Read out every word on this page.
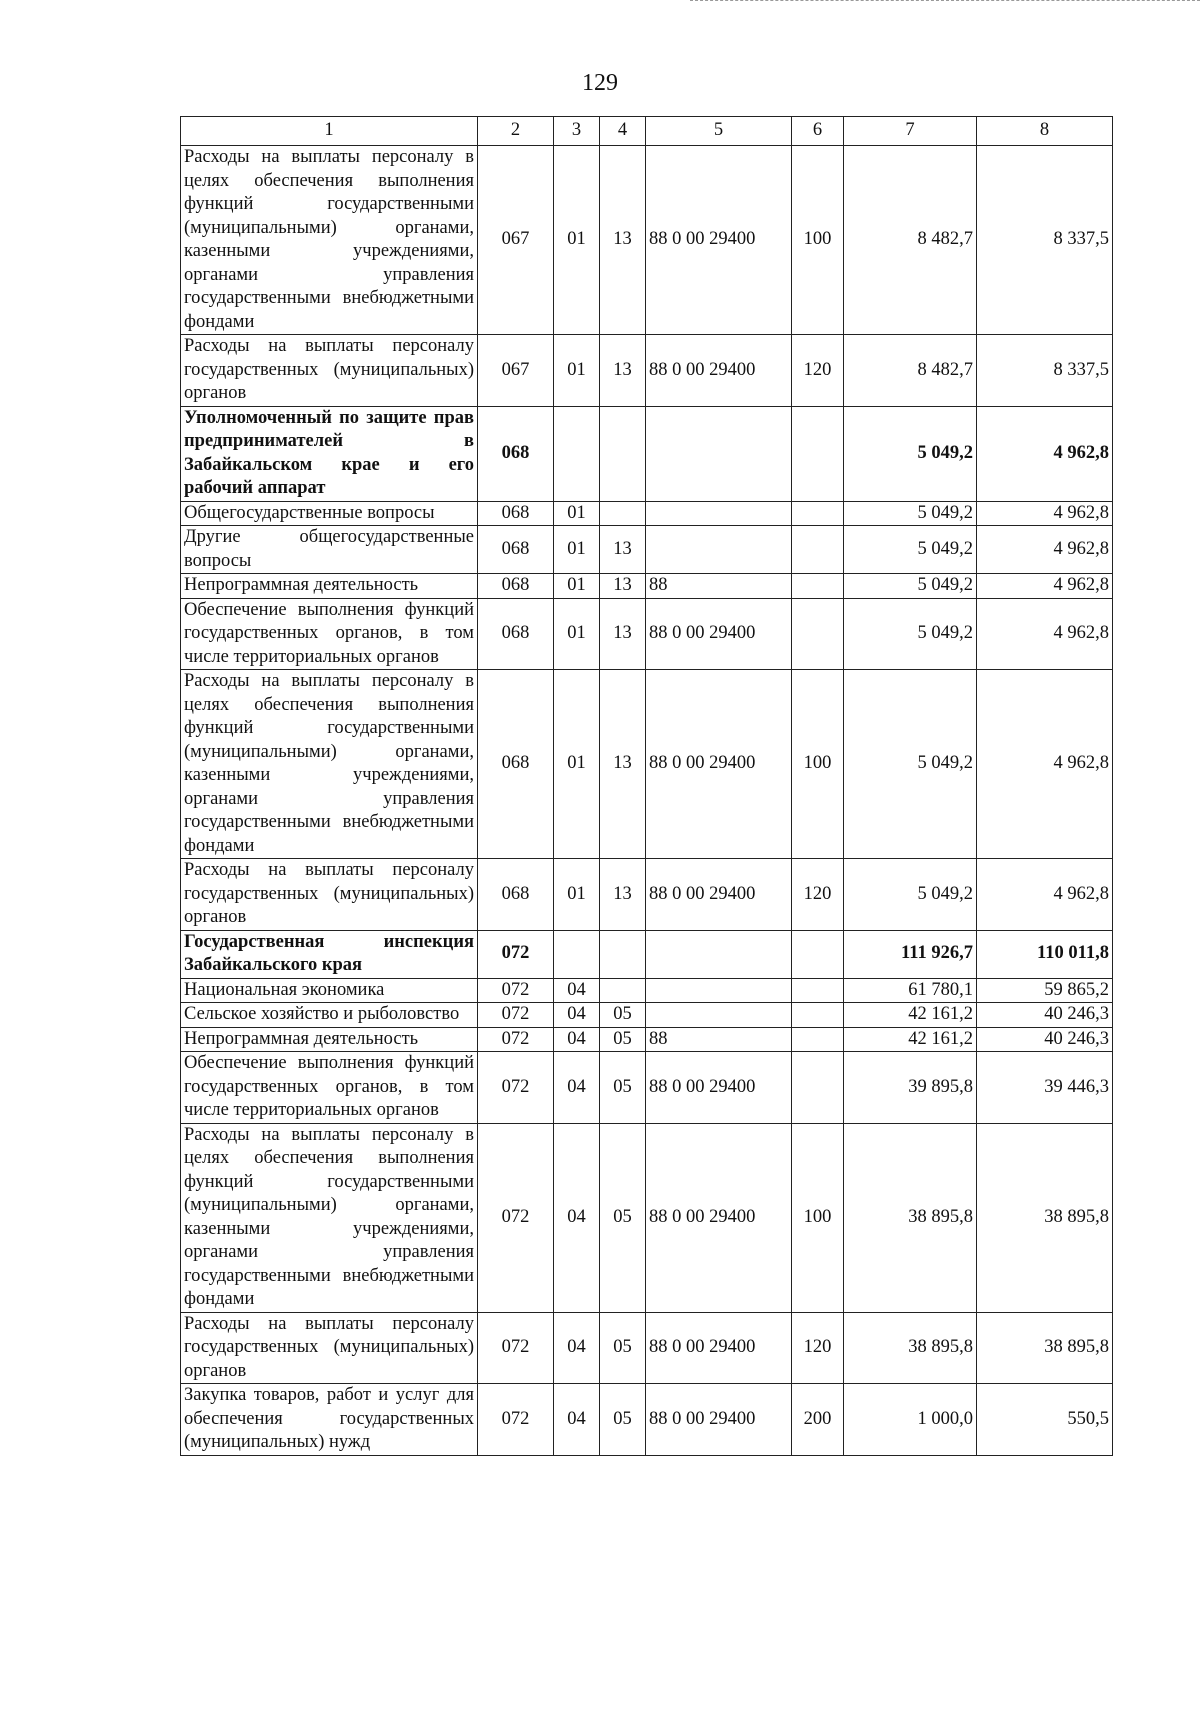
129
1	2	3	4	5	6	7	8
Расходы на выплаты персоналу в целях обеспечения выполнения функций государственными (муниципальными) органами, казенными учреждениями, органами управления государственными внебюджетными фондами	067	01	13	88 0 00 29400	100	8 482,7	8 337,5
Расходы на выплаты персоналу государственных (муниципальных) органов	067	01	13	88 0 00 29400	120	8 482,7	8 337,5
Уполномоченный по защите прав предпринимателей в Забайкальском крае и его рабочий аппарат	068					5 049,2	4 962,8
Общегосударственные вопросы	068	01				5 049,2	4 962,8
Другие общегосударственные вопросы	068	01	13			5 049,2	4 962,8
Непрограммная деятельность	068	01	13	88		5 049,2	4 962,8
Обеспечение выполнения функций государственных органов, в том числе территориальных органов	068	01	13	88 0 00 29400		5 049,2	4 962,8
Расходы на выплаты персоналу в целях обеспечения выполнения функций государственными (муниципальными) органами, казенными учреждениями, органами управления государственными внебюджетными фондами	068	01	13	88 0 00 29400	100	5 049,2	4 962,8
Расходы на выплаты персоналу государственных (муниципальных) органов	068	01	13	88 0 00 29400	120	5 049,2	4 962,8
Государственная инспекция Забайкальского края	072					111 926,7	110 011,8
Национальная экономика	072	04				61 780,1	59 865,2
Сельское хозяйство и рыболовство	072	04	05			42 161,2	40 246,3
Непрограммная деятельность	072	04	05	88		42 161,2	40 246,3
Обеспечение выполнения функций государственных органов, в том числе территориальных органов	072	04	05	88 0 00 29400		39 895,8	39 446,3
Расходы на выплаты персоналу в целях обеспечения выполнения функций государственными (муниципальными) органами, казенными учреждениями, органами управления государственными внебюджетными фондами	072	04	05	88 0 00 29400	100	38 895,8	38 895,8
Расходы на выплаты персоналу государственных (муниципальных) органов	072	04	05	88 0 00 29400	120	38 895,8	38 895,8
Закупка товаров, работ и услуг для обеспечения государственных (муниципальных) нужд	072	04	05	88 0 00 29400	200	1 000,0	550,5
